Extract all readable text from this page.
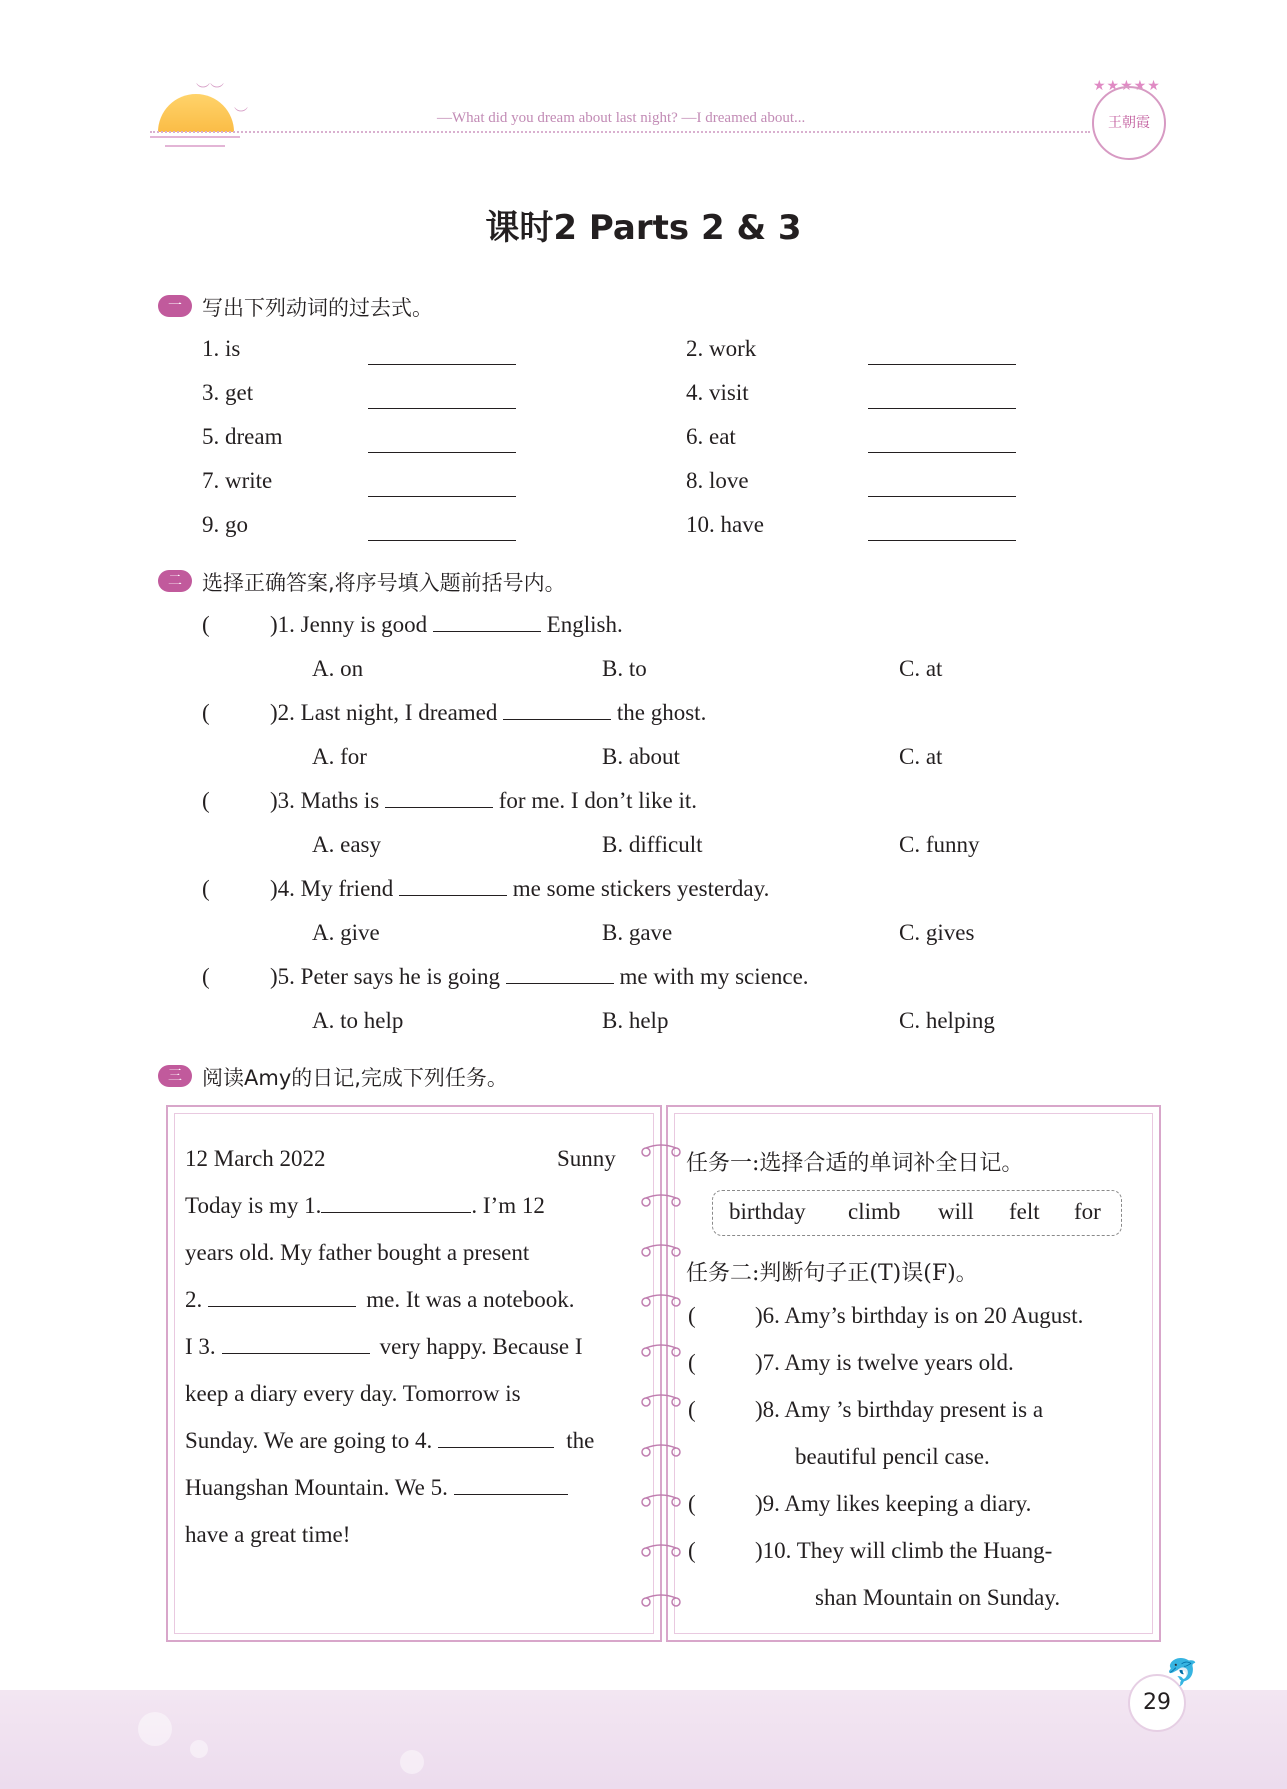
︶︶
︶	—What did you dream about last night? —I dreamed about...
★★★★★
王朝霞
课时2 Parts 2 & 3
一 写出下列动词的过去式。
1. is	2. work
3. get	4. visit
5. dream	6. eat
7. write	8. love
9. go	10. have
二 选择正确答案,将序号填入题前括号内。
(	)1. Jenny is good	English.
A. on	B. to	C. at
(	)2. Last night, I dreamed	the ghost.
A. for	B. about	C. at
(	)3. Maths is	for me. I don’t like it.
A. easy	B. difficult	C. funny
(	)4. My friend	me some stickers yesterday.
A. give	B. gave	C. gives
(	)5. Peter says he is going	me with my science.
A. to help	B. help	C. helping
三 阅读Amy的日记,完成下列任务。
12 March 2022	Sunny
Today is my 1.	. I’m 12
years old. My father bought a present
2.	me. It was a notebook.
I 3.	very happy. Because I
keep a diary every day. Tomorrow is
Sunday. We are going to 4.	the
Huangshan Mountain. We 5.
have a great time!
任务一:选择合适的单词补全日记。
birthday climb will felt for
任务二:判断句子正(T)误(F)。
(	)6. Amy’s birthday is on 20 August.
(	)7. Amy is twelve years old.
(	)8. Amy ’s birthday present is a
beautiful pencil case.
(	)9. Amy likes keeping a diary.
(	)10. They will climb the Huang-
shan Mountain on Sunday.
29
🐬
